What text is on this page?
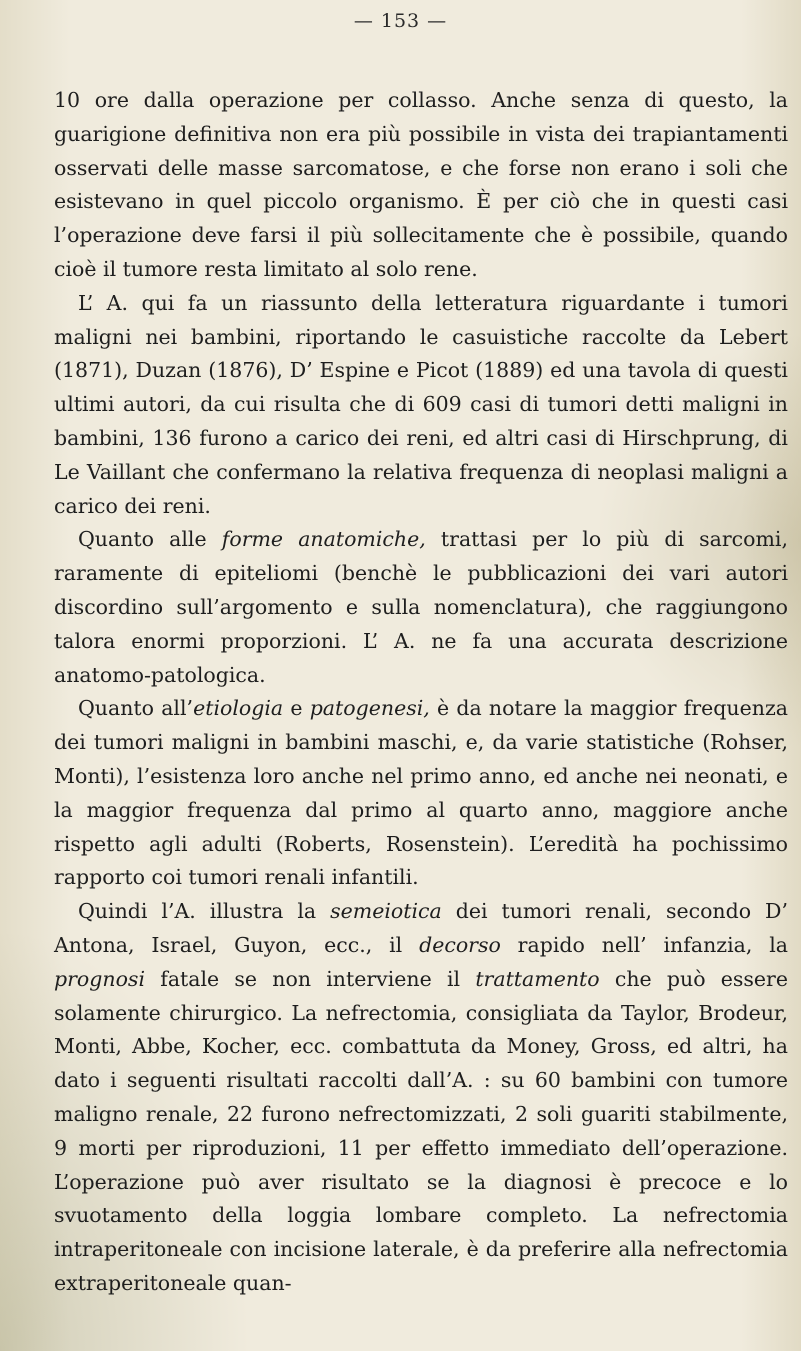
— 153 —

10 ore dalla operazione per collasso. Anche senza di questo, la guarigione definitiva non era più possibile in vista dei trapiantamenti osservati delle masse sarcomatose, e che forse non erano i soli che esistevano in quel piccolo organismo. È per ciò che in questi casi l’operazione deve farsi il più sollecitamente che è possibile, quando cioè il tumore resta limitato al solo rene.

L’ A. qui fa un riassunto della letteratura riguardante i tumori maligni nei bambini, riportando le casuistiche raccolte da Lebert (1871), Duzan (1876), D’ Espine e Picot (1889) ed una tavola di questi ultimi autori, da cui risulta che di 609 casi di tumori detti maligni in bambini, 136 furono a carico dei reni, ed altri casi di Hirschprung, di Le Vaillant che confermano la relativa frequenza di neoplasi maligni a carico dei reni.

Quanto alle forme anatomiche, trattasi per lo più di sarcomi, raramente di epiteliomi (benchè le pubblicazioni dei vari autori discordino sull’argomento e sulla nomenclatura), che raggiungono talora enormi proporzioni. L’ A. ne fa una accurata descrizione anatomo-patologica.

Quanto all’etiologia e patogenesi, è da notare la maggior frequenza dei tumori maligni in bambini maschi, e, da varie statistiche (Rohser, Monti), l’esistenza loro anche nel primo anno, ed anche nei neonati, e la maggior frequenza dal primo al quarto anno, maggiore anche rispetto agli adulti (Roberts, Rosenstein). L’eredità ha pochissimo rapporto coi tumori renali infantili.

Quindi l’A. illustra la semeiotica dei tumori renali, secondo D’ Antona, Israel, Guyon, ecc., il decorso rapido nell’ infanzia, la prognosi fatale se non interviene il trattamento che può essere solamente chirurgico. La nefrectomia, consigliata da Taylor, Brodeur, Monti, Abbe, Kocher, ecc. combattuta da Money, Gross, ed altri, ha dato i seguenti risultati raccolti dall’A. : su 60 bambini con tumore maligno renale, 22 furono nefrectomizzati, 2 soli guariti stabilmente, 9 morti per riproduzioni, 11 per effetto immediato dell’operazione. L’operazione può aver risultato se la diagnosi è precoce e lo svuotamento della loggia lombare completo. La nefrectomia intraperitoneale con incisione laterale, è da preferire alla nefrectomia extraperitoneale quan-
